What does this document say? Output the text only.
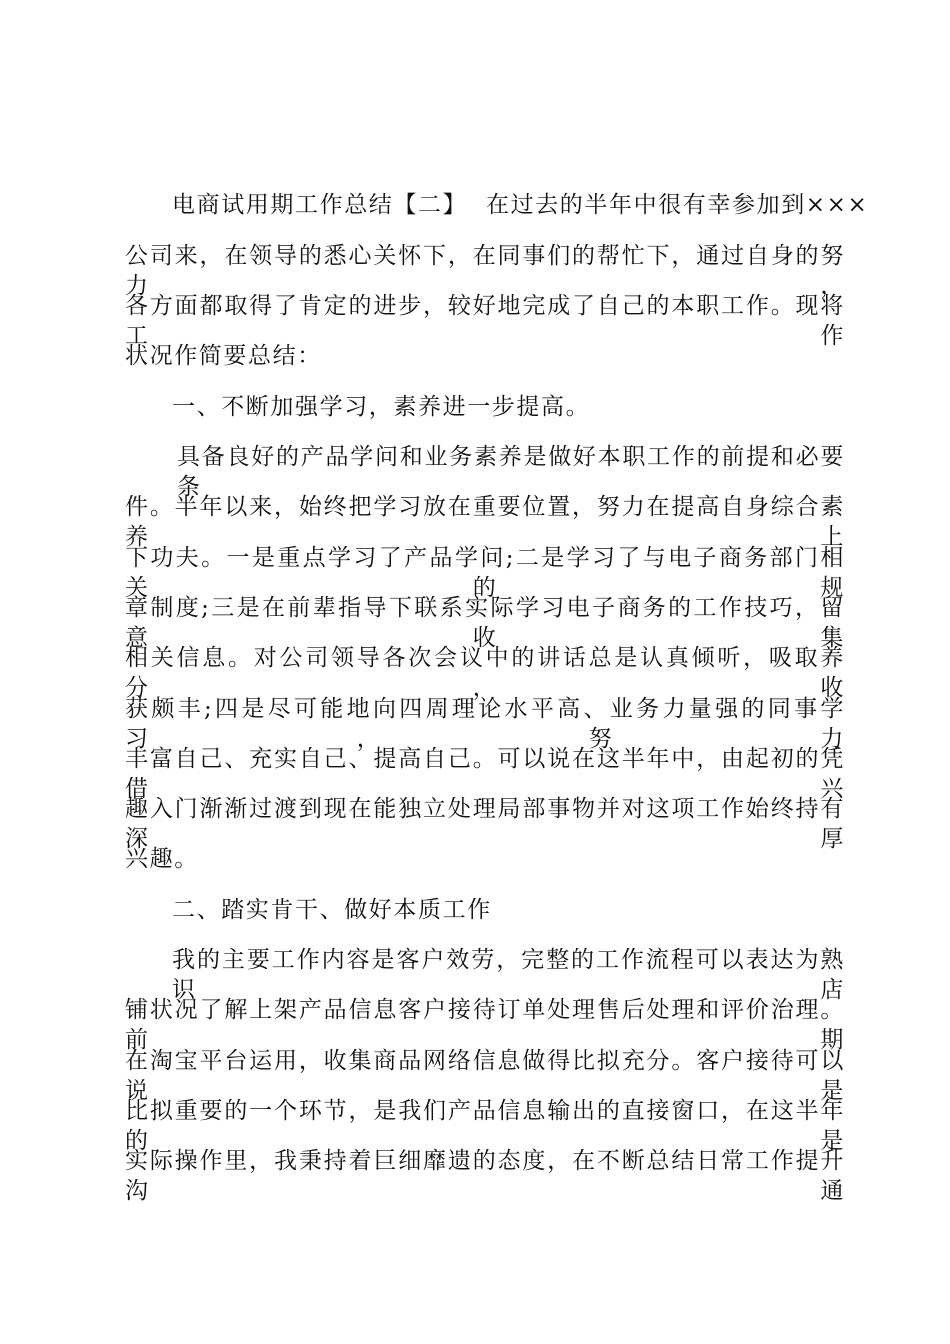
电商试用期工作总结【二】 在过去的半年中很有幸参加到×××
公司来，在领导的悉心关怀下，在同事们的帮忙下，通过自身的努力，
各方面都取得了肯定的进步，较好地完成了自己的本职工作。现将工作
状况作简要总结：
一、不断加强学习，素养进一步提高。
具备良好的产品学问和业务素养是做好本职工作的前提和必要条
件。半年以来，始终把学习放在重要位置，努力在提高自身综合素养上
下功夫。一是重点学习了产品学问;二是学习了与电子商务部门相关的规
章制度;三是在前辈指导下联系实际学习电子商务的工作技巧，留意收集
相关信息。对公司领导各次会议中的讲话总是认真倾听，吸取养分，收
获颇丰;四是尽可能地向四周理论水平高、业务力量强的同事学习，努力
丰富自己、充实自己、提高自己。可以说在这半年中，由起初的凭借兴
趣入门渐渐过渡到现在能独立处理局部事物并对这项工作始终持有深厚
兴趣。
二、踏实肯干、做好本质工作
我的主要工作内容是客户效劳，完整的工作流程可以表达为熟识店
铺状况了解上架产品信息客户接待订单处理售后处理和评价治理。前期
在淘宝平台运用，收集商品网络信息做得比拟充分。客户接待可以说是
比拟重要的一个环节，是我们产品信息输出的直接窗口，在这半年的是
实际操作里，我秉持着巨细靡遗的态度，在不断总结日常工作提升沟通
